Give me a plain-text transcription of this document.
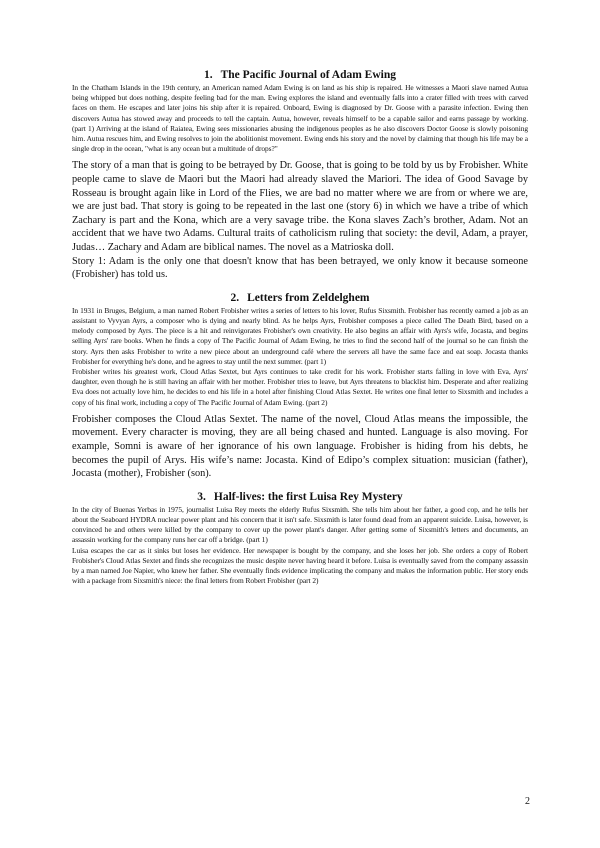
1. The Pacific Journal of Adam Ewing

In the Chatham Islands in the 19th century, an American named Adam Ewing is on land as his ship is repaired. He witnesses a Maori slave named Autua being whipped but does nothing, despite feeling bad for the man. Ewing explores the island and eventually falls into a crater filled with trees with carved faces on them. He escapes and later joins his ship after it is repaired. Onboard, Ewing is diagnosed by Dr. Goose with a parasite infection. Ewing then discovers Autua has stowed away and proceeds to tell the captain. Autua, however, reveals himself to be a capable sailor and earns passage by working. (part 1) Arriving at the island of Raiatea, Ewing sees missionaries abusing the indigenous peoples as he also discovers Doctor Goose is slowly poisoning him. Autua rescues him, and Ewing resolves to join the abolitionist movement. Ewing ends his story and the novel by claiming that though his life may be a single drop in the ocean, "what is any ocean but a multitude of drops?"

The story of a man that is going to be betrayed by Dr. Goose, that is going to be told by us by Frobisher. White people came to slave de Maori but the Maori had already slaved the Mariori. The idea of Good Savage by Rosseau is brought again like in Lord of the Flies, we are bad no matter where we are from or where we are, we are just bad. That story is going to be repeated in the last one (story 6) in which we have a tribe of which Zachary is part and the Kona, which are a very savage tribe. the Kona slaves Zach’s brother, Adam. Not an accident that we have two Adams. Cultural traits of catholicism ruling that society: the devil, Adam, a prayer, Judas… Zachary and Adam are biblical names. The novel as a Matrioska doll.

Story 1: Adam is the only one that doesn't know that has been betrayed, we only know it because someone (Frobisher) has told us.

2. Letters from Zeldelghem

In 1931 in Bruges, Belgium, a man named Robert Frobisher writes a series of letters to his lover, Rufus Sixsmith. Frobisher has recently earned a job as an assistant to Vyvyan Ayrs, a composer who is dying and nearly blind. As he helps Ayrs, Frobisher composes a piece called The Death Bird, based on a melody composed by Ayrs. The piece is a hit and reinvigorates Frobisher's own creativity. He also begins an affair with Ayrs's wife, Jocasta, and begins selling Ayrs' rare books. When he finds a copy of The Pacific Journal of Adam Ewing, he tries to find the second half of the journal so he can finish the story. Ayrs then asks Frobisher to write a new piece about an underground café where the servers all have the same face and eat soap. Jocasta thanks Frobisher for everything he's done, and he agrees to stay until the next summer. (part 1)

Frobisher writes his greatest work, Cloud Atlas Sextet, but Ayrs continues to take credit for his work. Frobisher starts falling in love with Eva, Ayrs' daughter, even though he is still having an affair with her mother. Frobisher tries to leave, but Ayrs threatens to blacklist him. Desperate and after realizing Eva does not actually love him, he decides to end his life in a hotel after finishing Cloud Atlas Sextet. He writes one final letter to Sixsmith and includes a copy of his final work, including a copy of The Pacific Journal of Adam Ewing. (part 2)

Frobisher composes the Cloud Atlas Sextet. The name of the novel, Cloud Atlas means the impossible, the movement. Every character is moving, they are all being chased and hunted. Language is also moving. For example, Somni is aware of her ignorance of his own language. Frobisher is hiding from his debts, he becomes the pupil of Arys. His wife’s name: Jocasta. Kind of Edipo’s complex situation: musician (father), Jocasta (mother), Frobisher (son).

3. Half-lives: the first Luisa Rey Mystery

In the city of Buenas Yerbas in 1975, journalist Luisa Rey meets the elderly Rufus Sixsmith. She tells him about her father, a good cop, and he tells her about the Seaboard HYDRA nuclear power plant and his concern that it isn't safe. Sixsmith is later found dead from an apparent suicide. Luisa, however, is convinced he and others were killed by the company to cover up the power plant's danger. After getting some of Sixsmith's letters and documents, an assassin working for the company runs her car off a bridge. (part 1)

Luisa escapes the car as it sinks but loses her evidence. Her newspaper is bought by the company, and she loses her job. She orders a copy of Robert Frobisher's Cloud Atlas Sextet and finds she recognizes the music despite never having heard it before. Luisa is eventually saved from the company assassin by a man named Joe Napier, who knew her father. She eventually finds evidence implicating the company and makes the information public. Her story ends with a package from Sixsmith's niece: the final letters from Robert Frobisher (part 2)

2
